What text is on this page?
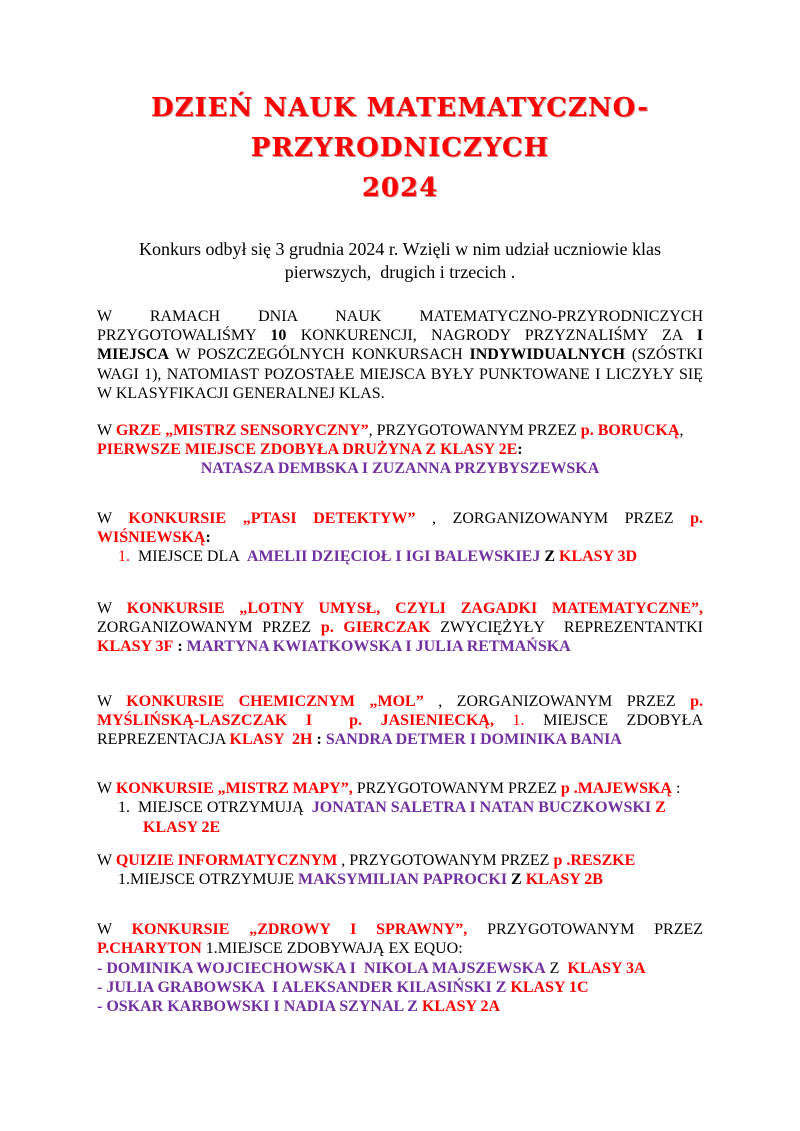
DZIEŃ NAUK MATEMATYCZNO-PRZYRODNICZYCH
2024

Konkurs odbył się 3 grudnia 2024 r. Wzięli w nim udział uczniowie klas
pierwszych,  drugich i trzecich .

W RAMACH DNIA NAUK MATEMATYCZNO-PRZYRODNICZYCH PRZYGOTOWALIŚMY 10 KONKURENCJI, NAGRODY PRZYZNALIŚMY ZA I MIEJSCA W POSZCZEGÓLNYCH KONKURSACH INDYWIDUALNYCH (SZÓSTKI WAGI 1), NATOMIAST POZOSTAŁE MIEJSCA BYŁY PUNKTOWANE I LICZYŁY SIĘ W KLASYFIKACJI GENERALNEJ KLAS.

W GRZE „MISTRZ SENSORYCZNY”, PRZYGOTOWANYM PRZEZ p. BORUCKĄ,
PIERWSZE MIEJSCE ZDOBYŁA DRUŻYNA Z KLASY 2E:

NATASZA DEMBSKA I ZUZANNA PRZYBYSZEWSKA

W KONKURSIE „PTASI DETEKTYW” , ZORGANIZOWANYM PRZEZ p. WIŚNIEWSKĄ:

1.  MIEJSCE DLA  AMELII DZIĘCIOŁ I IGI BALEWSKIEJ Z KLASY 3D

W KONKURSIE „LOTNY UMYSŁ, CZYLI ZAGADKI MATEMATYCZNE”, ZORGANIZOWANYM PRZEZ p. GIERCZAK ZWYCIĘŻYŁY  REPREZENTANTKI KLASY 3F : MARTYNA KWIATKOWSKA I JULIA RETMAŃSKA

W KONKURSIE CHEMICZNYM „MOL” , ZORGANIZOWANYM PRZEZ p. MYŚLIŃSKĄ-LASZCZAK I  p. JASIENIECKĄ, 1. MIEJSCE ZDOBYŁA REPREZENTACJA KLASY  2H : SANDRA DETMER I DOMINIKA BANIA

W KONKURSIE „MISTRZ MAPY”, PRZYGOTOWANYM PRZEZ p .MAJEWSKĄ :

1.  MIEJSCE OTRZYMUJĄ  JONATAN SALETRA I NATAN BUCZKOWSKI Z KLASY 2E

W QUIZIE INFORMATYCZNYM , PRZYGOTOWANYM PRZEZ p .RESZKE

1.MIEJSCE OTRZYMUJE MAKSYMILIAN PAPROCKI Z KLASY 2B

W KONKURSIE „ZDROWY I SPRAWNY”, PRZYGOTOWANYM PRZEZ P.CHARYTON 1.MIEJSCE ZDOBYWAJĄ EX EQUO:

- DOMINIKA WOJCIECHOWSKA I  NIKOLA MAJSZEWSKA Z  KLASY 3A
- JULIA GRABOWSKA  I ALEKSANDER KILASIŃSKI Z KLASY 1C
- OSKAR KARBOWSKI I NADIA SZYNAL Z KLASY 2A
